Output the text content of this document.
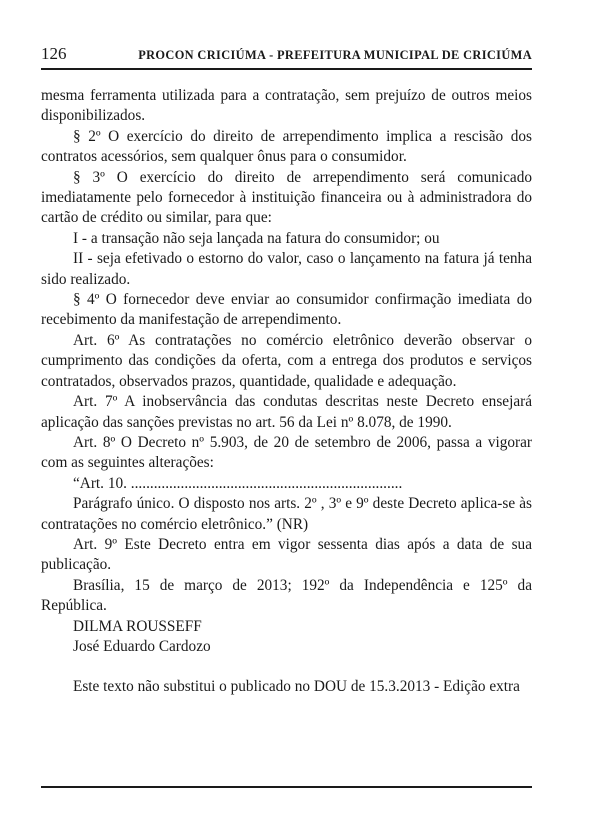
126	PROCON CRICIÚMA - PREFEITURA MUNICIPAL DE CRICIÚMA

mesma ferramenta utilizada para a contratação, sem prejuízo de outros meios disponibilizados.

§ 2º O exercício do direito de arrependimento implica a rescisão dos contratos acessórios, sem qualquer ônus para o consumidor.

§ 3º O exercício do direito de arrependimento será comunicado imediatamente pelo fornecedor à instituição financeira ou à administradora do cartão de crédito ou similar, para que:

I - a transação não seja lançada na fatura do consumidor; ou

II - seja efetivado o estorno do valor, caso o lançamento na fatura já tenha sido realizado.

§ 4º O fornecedor deve enviar ao consumidor confirmação imediata do recebimento da manifestação de arrependimento.

Art. 6º As contratações no comércio eletrônico deverão observar o cumprimento das condições da oferta, com a entrega dos produtos e serviços contratados, observados prazos, quantidade, qualidade e adequação.

Art. 7º A inobservância das condutas descritas neste Decreto ensejará aplicação das sanções previstas no art. 56 da Lei nº 8.078, de 1990.

Art. 8º O Decreto nº 5.903, de 20 de setembro de 2006, passa a vigorar com as seguintes alterações:

“Art. 10. .......................................................................

Parágrafo único. O disposto nos arts. 2º , 3º e 9º deste Decreto aplica-se às contratações no comércio eletrônico.” (NR)

Art. 9º Este Decreto entra em vigor sessenta dias após a data de sua publicação.

Brasília, 15 de março de 2013; 192º da Independência e 125º da República.

DILMA ROUSSEFF

José Eduardo Cardozo

Este texto não substitui o publicado no DOU de 15.3.2013 - Edição extra
